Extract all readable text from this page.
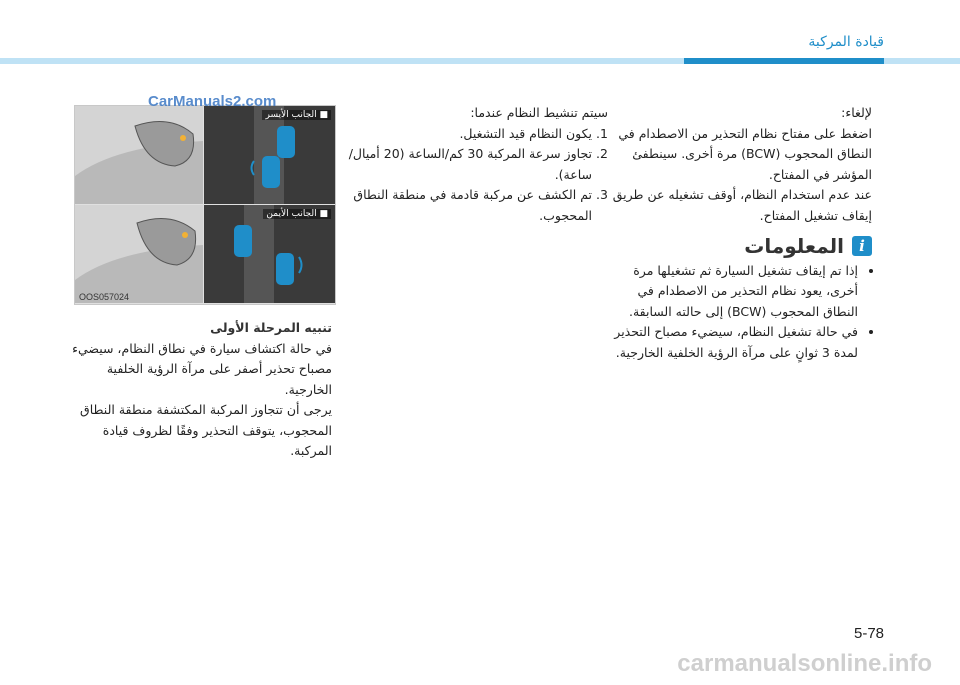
قيادة المركبة

لإلغاء:

اضغط على مفتاح نظام التحذير من الاصطدام في

النطاق المحجوب (BCW) مرة أخرى. سينطفئ

المؤشر في المفتاح.

عند عدم استخدام النظام، أوقف تشغيله عن طريق

إيقاف تشغيل المفتاح.

i
المعلومات
• إذا تم إيقاف تشغيل السيارة ثم تشغيلها مرة أخرى، يعود نظام التحذير من الاصطدام في النطاق المحجوب (BCW) إلى حالته السابقة.
• في حالة تشغيل النظام، سيضيء مصباح التحذير لمدة 3 ثوانٍ على مرآة الرؤية الخلفية الخارجية.

سيتم تنشيط النظام عندما:

1. يكون النظام قيد التشغيل.
2. تجاوز سرعة المركبة 30 كم/الساعة (20 أميال/ساعة).
3. تم الكشف عن مركبة قادمة في منطقة النطاق المحجوب.
■ الجانب الأيسر
■ الجانب الأيمن
OOS057024
CarManuals2.com

تنبيه المرحلة الأولى

في حالة اكتشاف سيارة في نطاق النظام، سيضيء

مصباح تحذير أصفر على مرآة الرؤية الخلفية

الخارجية.

يرجى أن تتجاوز المركبة المكتشفة منطقة النطاق

المحجوب، يتوقف التحذير وفقًا لظروف قيادة

المركبة.

5-78
carmanualsonline.info
